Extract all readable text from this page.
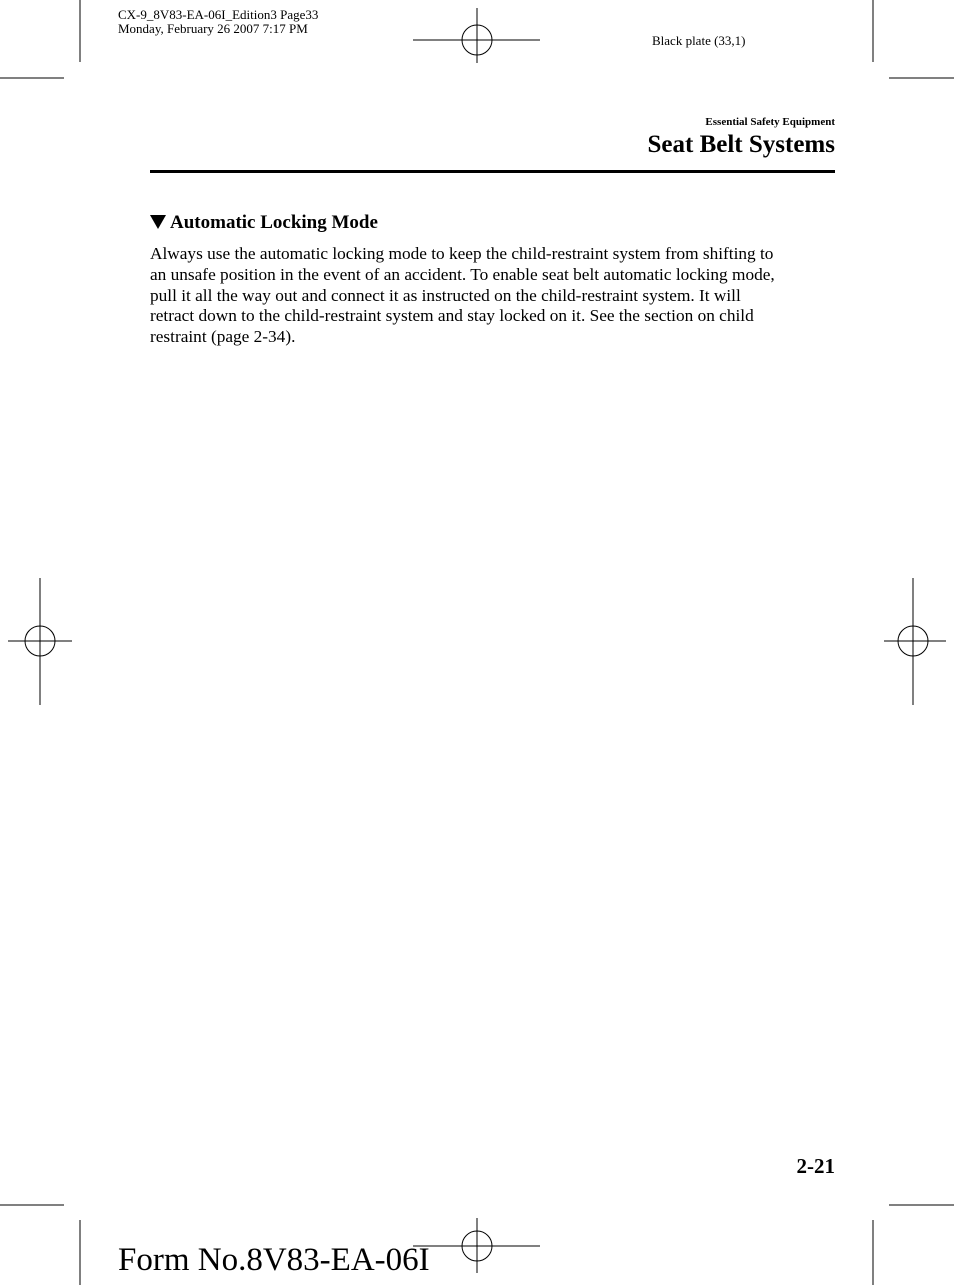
CX-9_8V83-EA-06I_Edition3 Page33
Monday, February 26 2007 7:17 PM
Black plate (33,1)
Essential Safety Equipment
Seat Belt Systems
Automatic Locking Mode
Always use the automatic locking mode to keep the child-restraint system from shifting to
an unsafe position in the event of an accident. To enable seat belt automatic locking mode,
pull it all the way out and connect it as instructed on the child-restraint system. It will
retract down to the child-restraint system and stay locked on it. See the section on child
restraint (page 2-34).
2-21
Form No.8V83-EA-06I
